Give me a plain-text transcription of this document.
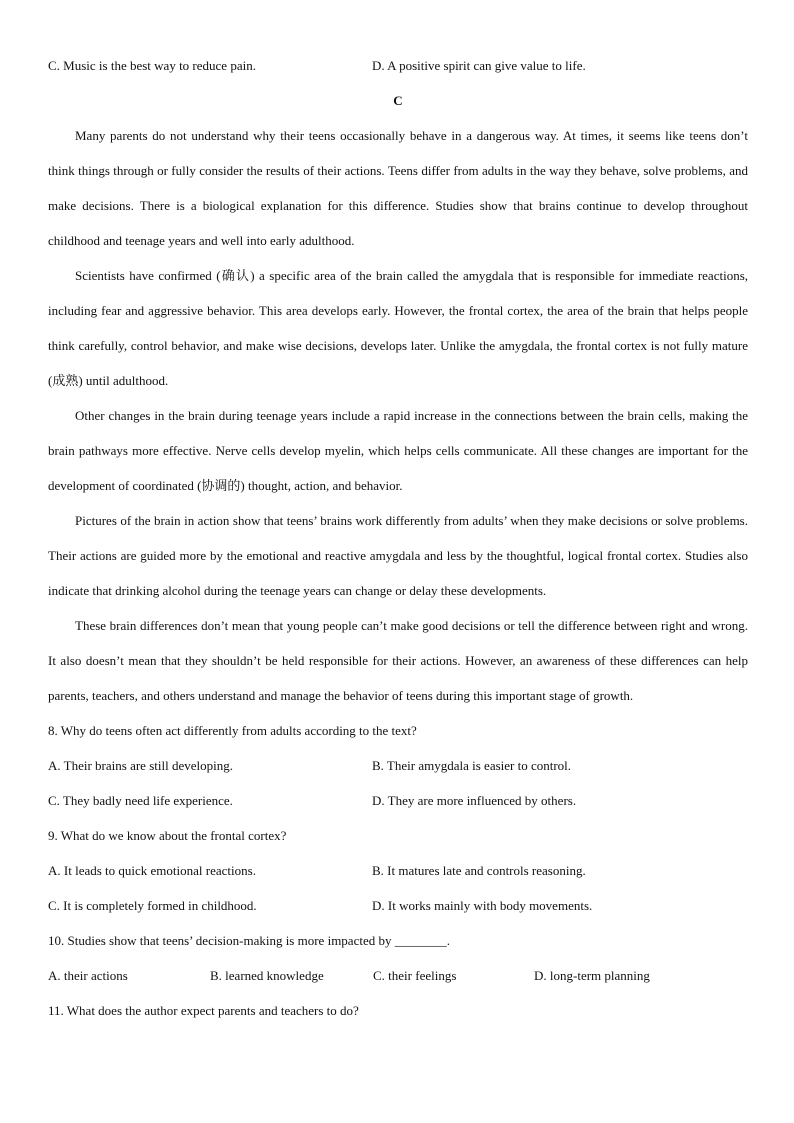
C. Music is the best way to reduce pain.	D. A positive spirit can give value to life.
C

Many parents do not understand why their teens occasionally behave in a dangerous way. At times, it seems like teens don’t think things through or fully consider the results of their actions. Teens differ from adults in the way they behave, solve problems, and make decisions. There is a biological explanation for this difference. Studies show that brains continue to develop throughout childhood and teenage years and well into early adulthood.

Scientists have confirmed (确认) a specific area of the brain called the amygdala that is responsible for immediate reactions, including fear and aggressive behavior. This area develops early. However, the frontal cortex, the area of the brain that helps people think carefully, control behavior, and make wise decisions, develops later. Unlike the amygdala, the frontal cortex is not fully mature (成熟) until adulthood.

Other changes in the brain during teenage years include a rapid increase in the connections between the brain cells, making the brain pathways more effective. Nerve cells develop myelin, which helps cells communicate. All these changes are important for the development of coordinated (协调的) thought, action, and behavior.

Pictures of the brain in action show that teens’ brains work differently from adults’ when they make decisions or solve problems. Their actions are guided more by the emotional and reactive amygdala and less by the thoughtful, logical frontal cortex. Studies also indicate that drinking alcohol during the teenage years can change or delay these developments.

These brain differences don’t mean that young people can’t make good decisions or tell the difference between right and wrong. It also doesn’t mean that they shouldn’t be held responsible for their actions. However, an awareness of these differences can help parents, teachers, and others understand and manage the behavior of teens during this important stage of growth.

8. Why do teens often act differently from adults according to the text?
A. Their brains are still developing.	B. Their amygdala is easier to control.
C. They badly need life experience.	D. They are more influenced by others.
9. What do we know about the frontal cortex?
A. It leads to quick emotional reactions.	B. It matures late and controls reasoning.
C. It is completely formed in childhood.	D. It works mainly with body movements.
10. Studies show that teens’ decision-making is more impacted by ________.
A. their actions	B. learned knowledge	C. their feelings	D. long-term planning
11. What does the author expect parents and teachers to do?
